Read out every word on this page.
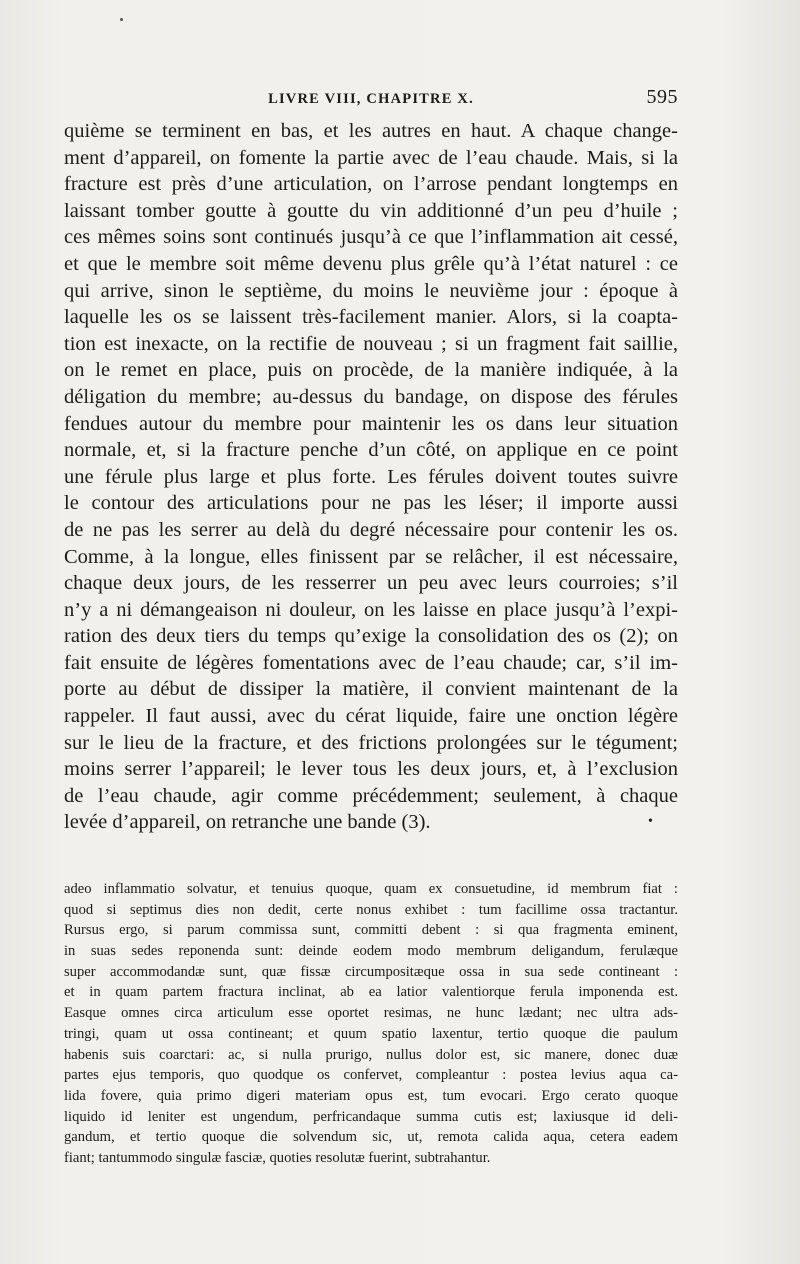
LIVRE VIII, CHAPITRE X.	595
quième se terminent en bas, et les autres en haut. A chaque change-
ment d’appareil, on fomente la partie avec de l’eau chaude. Mais, si la
fracture est près d’une articulation, on l’arrose pendant longtemps en
laissant tomber goutte à goutte du vin additionné d’un peu d’huile ;
ces mêmes soins sont continués jusqu’à ce que l’inflammation ait cessé,
et que le membre soit même devenu plus grêle qu’à l’état naturel : ce
qui arrive, sinon le septième, du moins le neuvième jour : époque à
laquelle les os se laissent très-facilement manier. Alors, si la coapta-
tion est inexacte, on la rectifie de nouveau ; si un fragment fait saillie,
on le remet en place, puis on procède, de la manière indiquée, à la
déligation du membre; au-dessus du bandage, on dispose des férules
fendues autour du membre pour maintenir les os dans leur situation
normale, et, si la fracture penche d’un côté, on applique en ce point
une férule plus large et plus forte. Les férules doivent toutes suivre
le contour des articulations pour ne pas les léser; il importe aussi
de ne pas les serrer au delà du degré nécessaire pour contenir les os.
Comme, à la longue, elles finissent par se relâcher, il est nécessaire,
chaque deux jours, de les resserrer un peu avec leurs courroies; s’il
n’y a ni démangeaison ni douleur, on les laisse en place jusqu’à l’expi-
ration des deux tiers du temps qu’exige la consolidation des os (2); on
fait ensuite de légères fomentations avec de l’eau chaude; car, s’il im-
porte au début de dissiper la matière, il convient maintenant de la
rappeler. Il faut aussi, avec du cérat liquide, faire une onction légère
sur le lieu de la fracture, et des frictions prolongées sur le tégument;
moins serrer l’appareil; le lever tous les deux jours, et, à l’exclusion
de l’eau chaude, agir comme précédemment; seulement, à chaque
levée d’appareil, on retranche une bande (3).	•
adeo inflammatio solvatur, et tenuius quoque, quam ex consuetudine, id membrum fiat :
quod si septimus dies non dedit, certe nonus exhibet : tum facillime ossa tractantur.
Rursus ergo, si parum commissa sunt, committi debent : si qua fragmenta eminent,
in suas sedes reponenda sunt: deinde eodem modo membrum deligandum, ferulæque
super accommodandæ sunt, quæ fissæ circumpositæque ossa in sua sede contineant :
et in quam partem fractura inclinat, ab ea latior valentiorque ferula imponenda est.
Easque omnes circa articulum esse oportet resimas, ne hunc lædant; nec ultra ads-
tringi, quam ut ossa contineant; et quum spatio laxentur, tertio quoque die paulum
habenis suis coarctari: ac, si nulla prurigo, nullus dolor est, sic manere, donec duæ
partes ejus temporis, quo quodque os confervet, compleantur : postea levius aqua ca-
lida fovere, quia primo digeri materiam opus est, tum evocari. Ergo cerato quoque
liquido id leniter est ungendum, perfricandaque summa cutis est; laxiusque id deli-
gandum, et tertio quoque die solvendum sic, ut, remota calida aqua, cetera eadem
fiant; tantummodo singulæ fasciæ, quoties resolutæ fuerint, subtrahantur.
